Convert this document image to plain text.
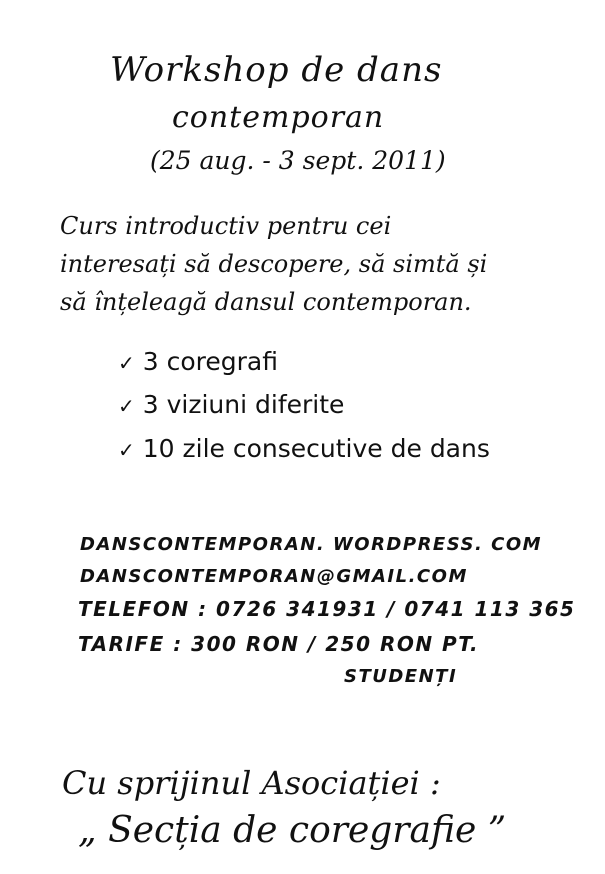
Workshop de dans
contemporan
(25 aug. - 3 sept. 2011)
Curs introductiv pentru cei
interesați să descopere, să simtă și
să înțeleagă dansul contemporan.
✓ 3 coregrafi
✓ 3 viziuni diferite
✓ 10 zile consecutive de dans
DANSCONTEMPORAN. WORDPRESS. COM
DANSCONTEMPORAN@GMAIL.COM
TELEFON : 0726 341931 / 0741 113 365
TARIFE : 300 RON / 250 RON PT.
STUDENȚI
Cu sprijinul Asociației :
„ Secția de coregrafie ”
